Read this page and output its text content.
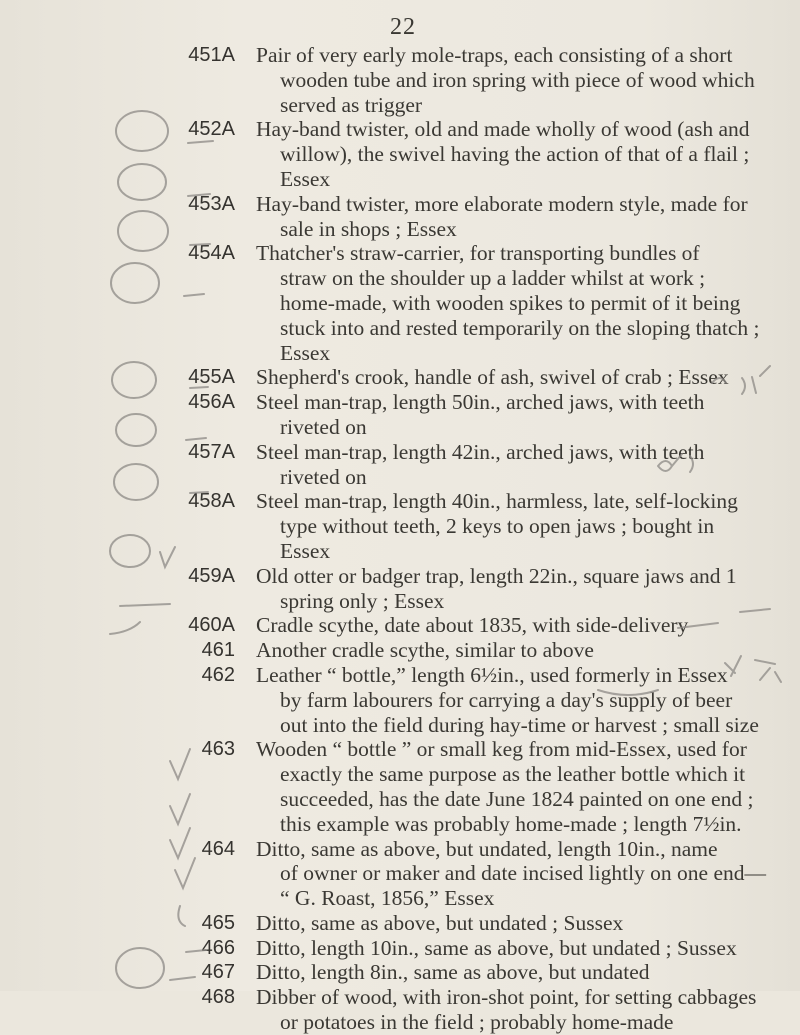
22
451A Pair of very early mole-traps, each consisting of a short
wooden tube and iron spring with piece of wood which
served as trigger
452A Hay-band twister, old and made wholly of wood (ash and
willow), the swivel having the action of that of a flail ;
Essex
453A Hay-band twister, more elaborate modern style, made for
sale in shops ; Essex
454A Thatcher's straw-carrier, for transporting bundles of
straw on the shoulder up a ladder whilst at work ;
home-made, with wooden spikes to permit of it being
stuck into and rested temporarily on the sloping thatch ;
Essex
455A Shepherd's crook, handle of ash, swivel of crab ; Essex
456A Steel man-trap, length 50in., arched jaws, with teeth
riveted on
457A Steel man-trap, length 42in., arched jaws, with teeth
riveted on
458A Steel man-trap, length 40in., harmless, late, self-locking
type without teeth, 2 keys to open jaws ; bought in
Essex
459A Old otter or badger trap, length 22in., square jaws and 1
spring only ; Essex
460A Cradle scythe, date about 1835, with side-delivery
461 Another cradle scythe, similar to above
462 Leather “ bottle,” length 6½in., used formerly in Essex
by farm labourers for carrying a day's supply of beer
out into the field during hay-time or harvest ; small size
463 Wooden “ bottle ” or small keg from mid-Essex, used for
exactly the same purpose as the leather bottle which it
succeeded, has the date June 1824 painted on one end ;
this example was probably home-made ; length 7½in.
464 Ditto, same as above, but undated, length 10in., name
of owner or maker and date incised lightly on one end—
“ G. Roast, 1856,” Essex
465 Ditto, same as above, but undated ; Sussex
466 Ditto, length 10in., same as above, but undated ; Sussex
467 Ditto, length 8in., same as above, but undated
468 Dibber of wood, with iron-shot point, for setting cabbages
or potatoes in the field ; probably home-made
